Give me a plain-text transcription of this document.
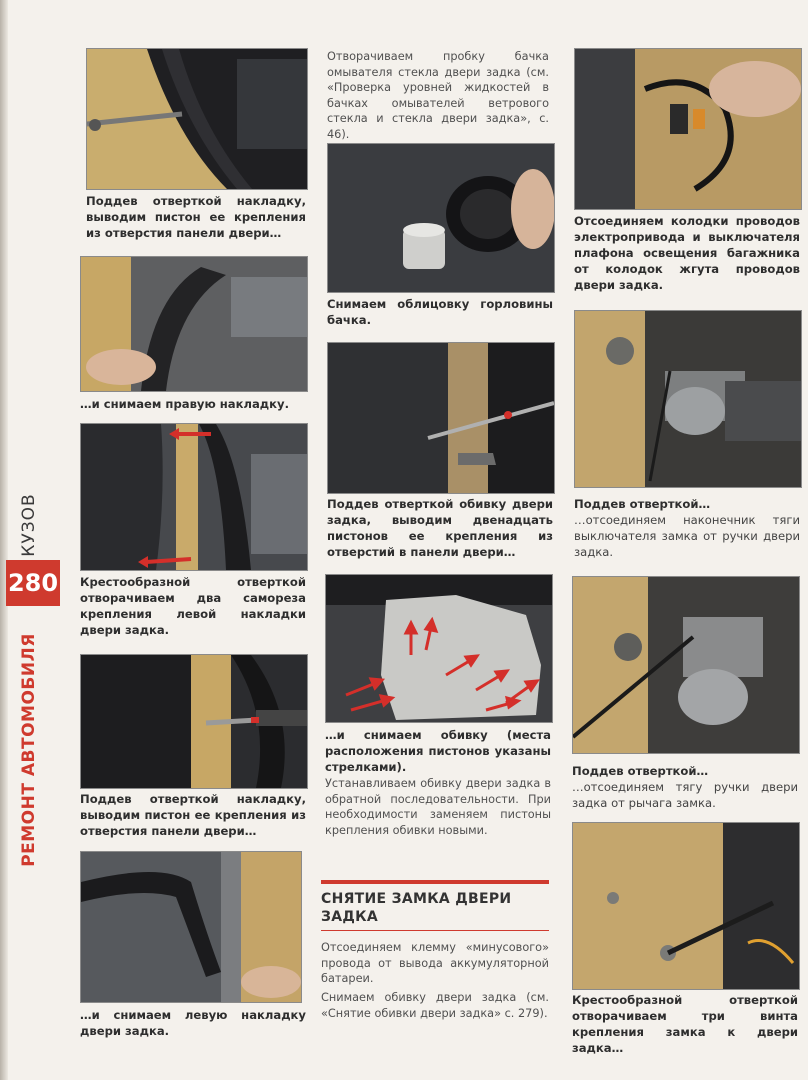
КУЗОВ
280
РЕМОНТ АВТОМОБИЛЯ
Поддев отверткой накладку, выводим пистон ее крепления из отверстия панели двери…
…и снимаем правую накладку.
Крестообразной отверткой отворачиваем два самореза крепления левой накладки двери задка.
Поддев отверткой накладку, выводим пистон ее крепления из отверстия панели двери…
…и снимаем левую накладку двери задка.
Отворачиваем пробку бачка омывателя стекла двери задка (см. «Проверка уровней жидкостей в бачках омывателей ветрового стекла и стекла двери задка», с. 46).
Снимаем облицовку горловины бачка.
Поддев отверткой обивку двери задка, выводим двенадцать пистонов ее крепления из отверстий в панели двери…
…и снимаем обивку (места расположения пистонов указаны стрелками).
Устанавливаем обивку двери задка в обратной последовательности. При необходимости заменяем пистоны крепления обивки новыми.
СНЯТИЕ ЗАМКА ДВЕРИ ЗАДКА
Отсоединяем клемму «минусового» провода от вывода аккумуляторной батареи.
Снимаем обивку двери задка (см. «Снятие обивки двери задка» с. 279).
Отсоединяем колодки проводов электропривода и выключателя плафона освещения багажника от колодок жгута проводов двери задка.
Поддев отверткой…
…отсоединяем наконечник тяги выключателя замка от ручки двери задка.
Поддев отверткой…
…отсоединяем тягу ручки двери задка от рычага замка.
Крестообразной отверткой отворачиваем три винта крепления замка к двери задка…
